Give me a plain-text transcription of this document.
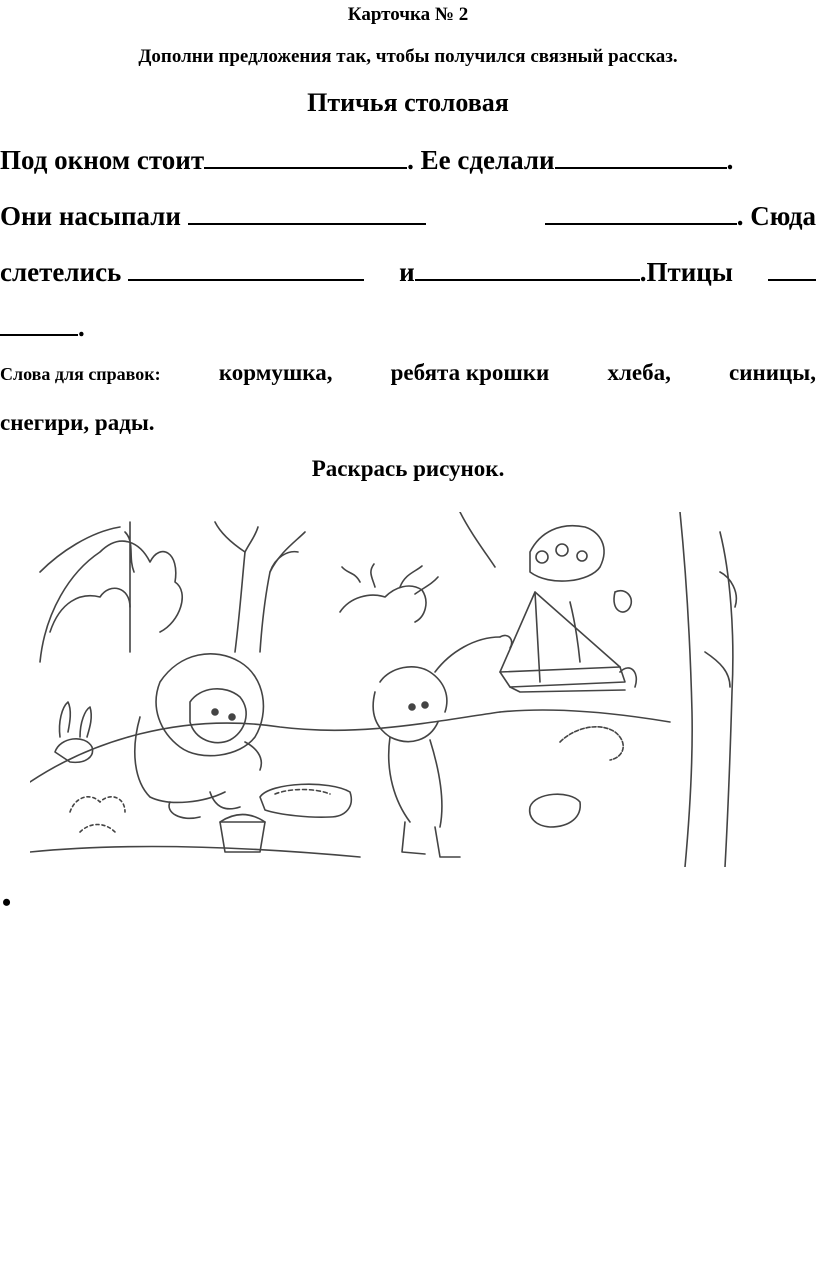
Карточка № 2
Дополни предложения так, чтобы получился связный рассказ.
Птичья столовая
Под окном стоит	. Ее сделали	.
Они насыпали	. Сюда
слетелись	и	.Птицы
.
Слова для справок:	кормушка,	ребята крошки	хлеба,	синицы,
снегири, рады.
Раскрась рисунок.
•
